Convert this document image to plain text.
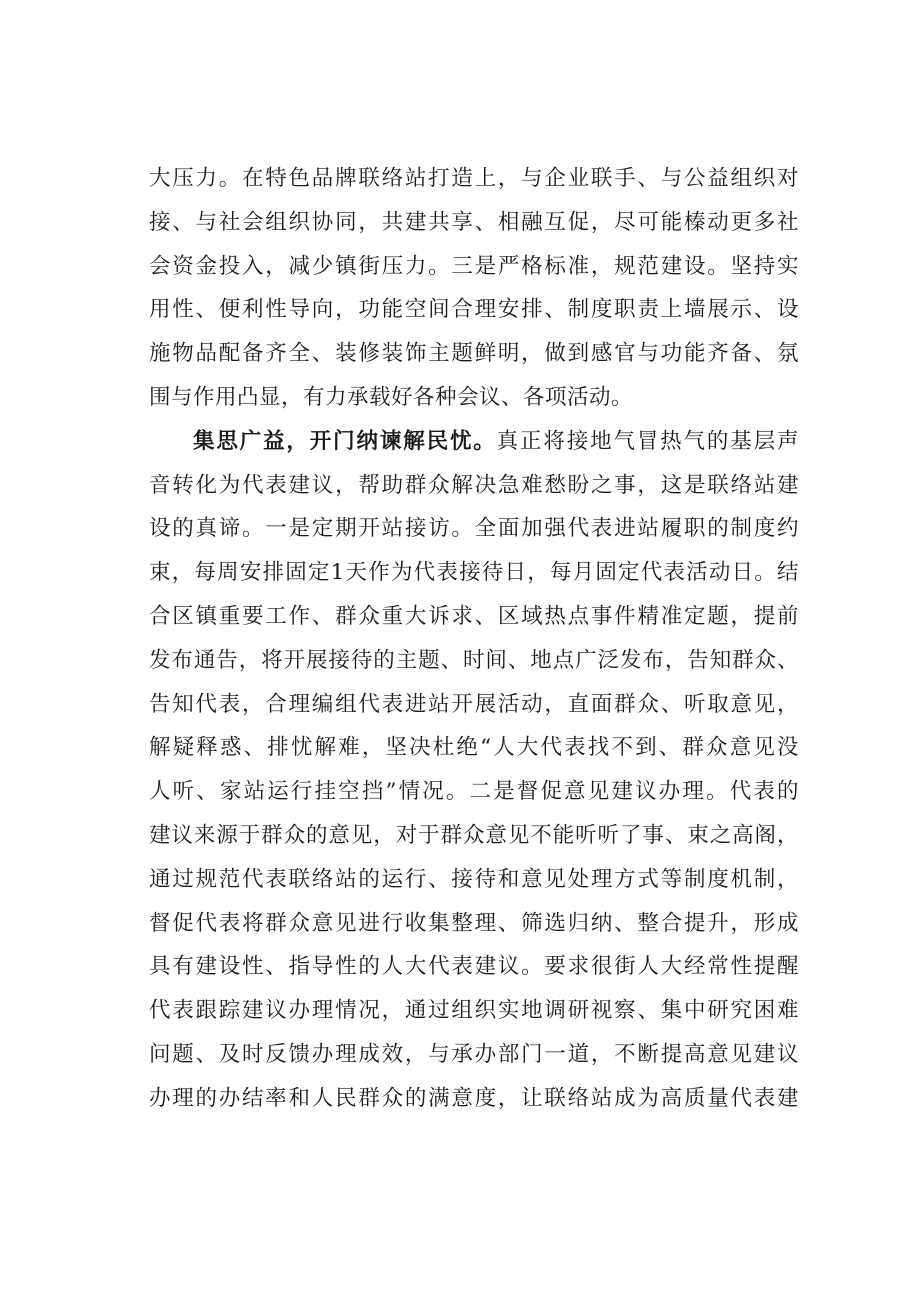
大压力。在特色品牌联络站打造上，与企业联手、与公益组织对
接、与社会组织协同，共建共享、相融互促，尽可能榛动更多社
会资金投入，减少镇街压力。三是严格标准，规范建设。坚持实
用性、便利性导向，功能空间合理安排、制度职责上墙展示、设
施物品配备齐全、装修装饰主题鲜明，做到感官与功能齐备、氛
围与作用凸显，有力承载好各种会议、各项活动。
集思广益，开门纳谏解民忧。真正将接地气冒热气的基层声
音转化为代表建议，帮助群众解决急难愁盼之事，这是联络站建
设的真谛。一是定期开站接访。全面加强代表进站履职的制度约
束，每周安排固定1天作为代表接待日，每月固定代表活动日。结
合区镇重要工作、群众重大诉求、区域热点事件精准定题，提前
发布通告，将开展接待的主题、时间、地点广泛发布，告知群众、
告知代表，合理编组代表进站开展活动，直面群众、听取意见，
解疑释惑、排忧解难，坚决杜绝“人大代表找不到、群众意见没
人听、家站运行挂空挡”情况。二是督促意见建议办理。代表的
建议来源于群众的意见，对于群众意见不能听听了事、束之高阁，
通过规范代表联络站的运行、接待和意见处理方式等制度机制，
督促代表将群众意见进行收集整理、筛选归纳、整合提升，形成
具有建设性、指导性的人大代表建议。要求很街人大经常性提醒
代表跟踪建议办理情况，通过组织实地调研视察、集中研究困难
问题、及时反馈办理成效，与承办部门一道，不断提高意见建议
办理的办结率和人民群众的满意度，让联络站成为高质量代表建
